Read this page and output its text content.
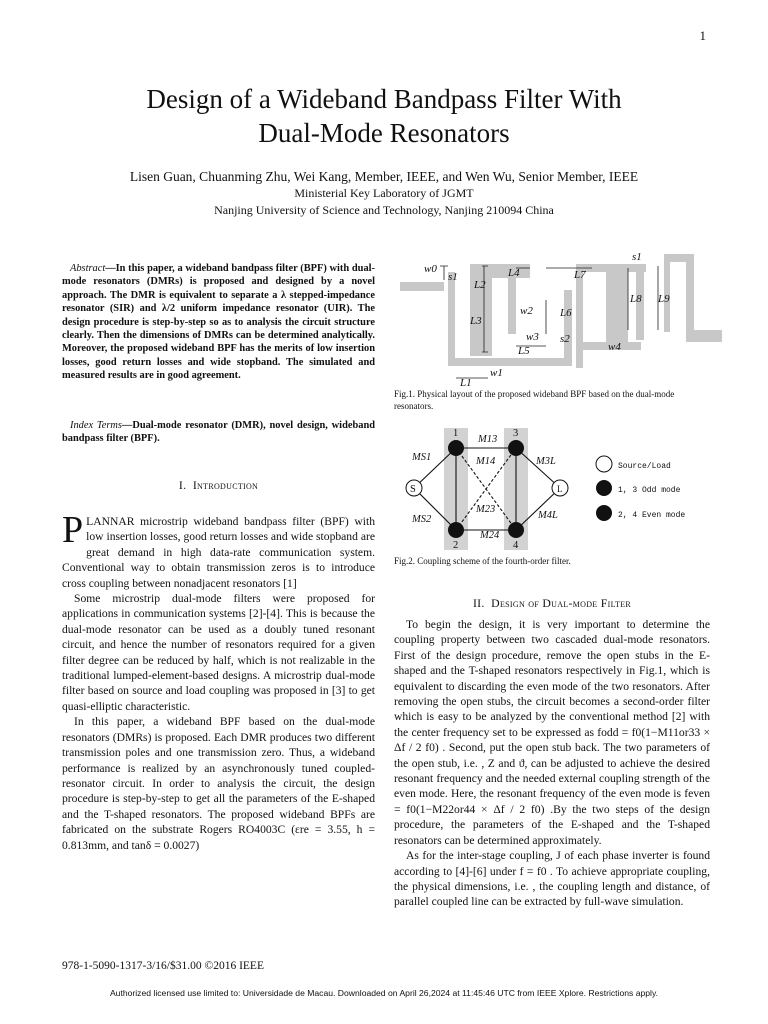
1
Design of a Wideband Bandpass Filter With
Dual-Mode Resonators
Lisen Guan, Chuanming Zhu, Wei Kang, Member, IEEE, and Wen Wu, Senior Member, IEEE
Ministerial Key Laboratory of JGMT
Nanjing University of Science and Technology, Nanjing 210094 China
Abstract—In this paper, a wideband bandpass filter (BPF) with dual-mode resonators (DMRs) is proposed and designed by a novel approach. The DMR is equivalent to separate a λ stepped-impedance resonator (SIR) and λ/2 uniform impedance resonator (UIR). The design procedure is step-by-step so as to analysis the circuit structure clearly. Then the dimensions of DMRs can be determined analytically. Moreover, the proposed wideband BPF has the merits of low insertion losses, good return losses and wide stopband. The simulated and measured results are in good agreement.
Index Terms—Dual-mode resonator (DMR), novel design, wideband bandpass filter (BPF).
I. Introduction

PLANNAR microstrip wideband bandpass filter (BPF) with low insertion losses, good return losses and wide stopband are great demand in high data-rate communication system. Conventional way to obtain transmission zeros is to introduce cross coupling between nonadjacent resonators [1]

Some microstrip dual-mode filters were proposed for applications in communication systems [2]-[4]. This is because the dual-mode resonator can be used as a doubly tuned resonant circuit, and hence the number of resonators required for a given filter degree can be reduced by half, which is not realizable in the traditional lumped-element-based designs. A microstrip dual-mode filter based on source and load coupling was proposed in [3] to get quasi-elliptic characteristic.

In this paper, a wideband BPF based on the dual-mode resonators (DMRs) is proposed. Each DMR produces two different transmission poles and one transmission zero. Thus, a wideband performance is realized by an asynchronously tuned coupled-resonator circuit. In order to analysis the circuit, the design procedure is step-by-step to get all the parameters of the E-shaped and the T-shaped resonators. The proposed wideband BPFs are fabricated on the substrate Rogers RO4003C (εre = 3.55, h = 0.813mm, and tanδ = 0.0027)

w0
s1
L2
L4	L7
s1
L8 L9
w2
L3
L6
w3 s2
L5	w4
w1
L1
Fig.1. Physical layout of the proposed wideband BPF based on the dual-mode resonators.
1
2
3
4
S	L
MS1
MS2
M13
M14
M23
M24
M3L
M4L
Source/Load
1, 3 Odd mode
2, 4 Even mode
Fig.2. Coupling scheme of the fourth-order filter.
II. Design of Dual-mode Filter

To begin the design, it is very important to determine the coupling property between two cascaded dual-mode resonators. First of the design procedure, remove the open stubs in the E-shaped and the T-shaped resonators respectively in Fig.1, which is equivalent to discarding the even mode of the two resonators. After removing the open stubs, the circuit becomes a second-order filter which is easy to be analyzed by the conventional method [2] with the center frequency set to be expressed as fodd = f0(1−M11or33 × Δf / 2 f0) . Second, put the open stub back. The two parameters of the open stub, i.e. , Z and ϑ, can be adjusted to achieve the desired resonant frequency and the needed external coupling strength of the even mode. Here, the resonant frequency of the even mode is feven = f0(1−M22or44 × Δf / 2 f0) .By the two steps of the design procedure, the parameters of the E-shaped and the T-shaped resonators can be determined approximately.

As for the inter-stage coupling, J of each phase inverter is found according to [4]-[6] under f = f0 . To achieve appropriate coupling, the physical dimensions, i.e. , the coupling length and distance, of parallel coupled line can be extracted by full-wave simulation.

978-1-5090-1317-3/16/$31.00 ©2016 IEEE
Authorized licensed use limited to: Universidade de Macau. Downloaded on April 26,2024 at 11:45:46 UTC from IEEE Xplore. Restrictions apply.
